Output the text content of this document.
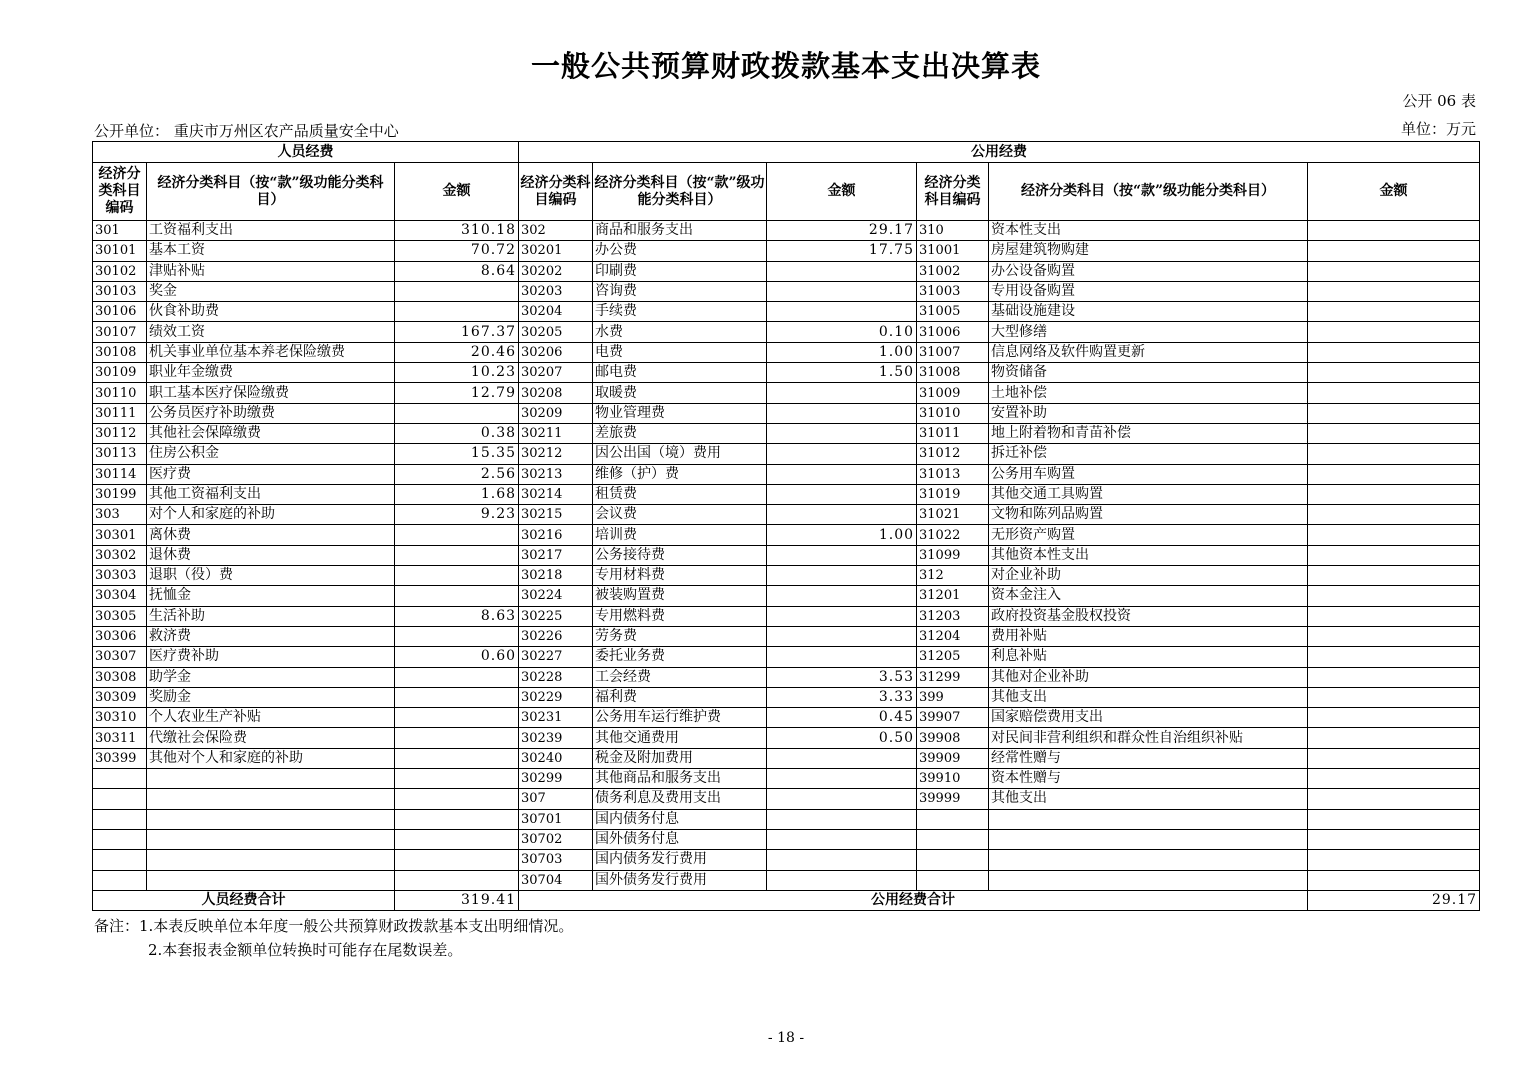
一般公共预算财政拨款基本支出决算表
公开 06 表
公开单位： 重庆市万州区农产品质量安全中心	单位：万元
人员经费			公用经费					
经济分类科目编码	经济分类科目（按“款”级功能分类科目）	金额	经济分类科目编码	经济分类科目（按“款”级功能分类科目）	金额	经济分类科目编码	经济分类科目（按“款”级功能分类科目）	金额
301	工资福利支出	310.18	302	商品和服务支出	29.17	310	资本性支出	
30101	基本工资	70.72	30201	办公费	17.75	31001	房屋建筑物购建	
30102	津贴补贴	8.64	30202	印刷费		31002	办公设备购置	
30103	奖金		30203	咨询费		31003	专用设备购置	
30106	伙食补助费		30204	手续费		31005	基础设施建设	
30107	绩效工资	167.37	30205	水费	0.10	31006	大型修缮	
30108	机关事业单位基本养老保险缴费	20.46	30206	电费	1.00	31007	信息网络及软件购置更新	
30109	职业年金缴费	10.23	30207	邮电费	1.50	31008	物资储备	
30110	职工基本医疗保险缴费	12.79	30208	取暖费		31009	土地补偿	
30111	公务员医疗补助缴费		30209	物业管理费		31010	安置补助	
30112	其他社会保障缴费	0.38	30211	差旅费		31011	地上附着物和青苗补偿	
30113	住房公积金	15.35	30212	因公出国（境）费用		31012	拆迁补偿	
30114	医疗费	2.56	30213	维修（护）费		31013	公务用车购置	
30199	其他工资福利支出	1.68	30214	租赁费		31019	其他交通工具购置	
303	对个人和家庭的补助	9.23	30215	会议费		31021	文物和陈列品购置	
30301	离休费		30216	培训费	1.00	31022	无形资产购置	
30302	退休费		30217	公务接待费		31099	其他资本性支出	
30303	退职（役）费		30218	专用材料费		312	对企业补助	
30304	抚恤金		30224	被装购置费		31201	资本金注入	
30305	生活补助	8.63	30225	专用燃料费		31203	政府投资基金股权投资	
30306	救济费		30226	劳务费		31204	费用补贴	
30307	医疗费补助	0.60	30227	委托业务费		31205	利息补贴	
30308	助学金		30228	工会经费	3.53	31299	其他对企业补助	
30309	奖励金		30229	福利费	3.33	399	其他支出	
30310	个人农业生产补贴		30231	公务用车运行维护费	0.45	39907	国家赔偿费用支出	
30311	代缴社会保险费		30239	其他交通费用	0.50	39908	对民间非营利组织和群众性自治组织补贴	
30399	其他对个人和家庭的补助		30240	税金及附加费用		39909	经常性赠与	
			30299	其他商品和服务支出		39910	资本性赠与	
			307	债务利息及费用支出		39999	其他支出	
			30701	国内债务付息				
			30702	国外债务付息				
			30703	国内债务发行费用				
			30704	国外债务发行费用				
人员经费合计		319.41	公用经费合计					29.17
备注：1.本表反映单位本年度一般公共预算财政拨款基本支出明细情况。
2.本套报表金额单位转换时可能存在尾数误差。
- 18 -
